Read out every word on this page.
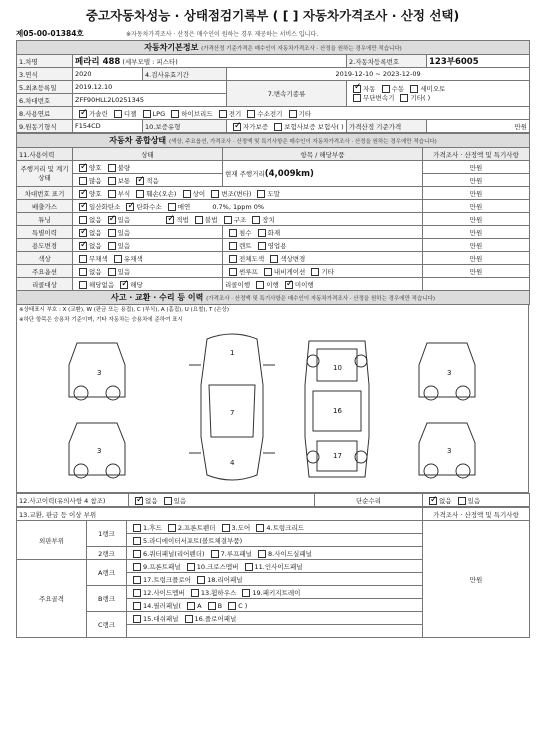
중고자동차성능 · 상태점검기록부 ( [ ] 자동차가격조사 · 산정 선택)
제05-00-01384호	※자동차가격조사 · 산정은 매수인이 원하는 경우 제공하는 서비스 입니다.
자동차기본정보 (가격산정 기준가격은 매수인이 자동차가격조사 · 산정을 원하는 경우에만 적습니다)					
1.차명	페라리 488 (세부모델 : 피스타)			2.자동차등록번호	123부6005
3.연식	2020	4.검사유효기간	2019-12-10 ~ 2023-12-09		
5.최초등록일	2019.12.10		7.변속기종류	✓자동 수동 세미오토
무단변속기 기타( )
6.차대번호	ZFF90HLL2L0251345				
8.사용연료	✓가솔린 디젤 LPG 하이브리드 전기 수소전기 기타
9.원동기형식	F154CD	10.보증유형	✓자가보증 보험사보증 보험사( )	가격산정 기준가격	만원
자동차 종합상태 (색상, 주요옵션, 가격조사 · 산정액 및 특기사항은 매수인이 자동차가격조사 · 산정을 원하는 경우에만 적습니다)			
11.사용이력	상태	항목 / 해당부품	가격조사 · 산정액 및 특기사항
주행거리 및 계기상태	✓양호 불량	현재 주행거리(4,009km)	만원
	많음 보통 ✓ 적음		만원
차대번호 표기	✓양호 부식 훼손(오손) 상이 변조(변타) 도말		만원
배출가스	✓일산화탄소 ✓ 탄화수소 매연 0.7%, 1ppm 0%		만원
튜닝	없음 ✓ 있음 ✓ 적법 불법 구조 장치		만원
특별이력	✓없음 있음	침수 화재	만원
용도변경	✓없음 있음	렌트 영업용	만원
색상	무채색 유채색	전체도색 색상변경	만원
주요옵션	없음 있음	썬루프 내비게이션 기타	만원
리콜대상	해당없음 ✓ 해당	리콜이행 이행 ✓ 미이행	
사고 · 교환 · 수리 등 이력 (가격조사 · 산정액 및 특기사항은 매수인이 자동차가격조사 · 산정을 원하는 경우에만 적습니다)			
※상태표시 부호 : X (교환), W (판금 또는 용접), C (부식), A (흠집), U (요철), T (손상)
※하단 항목은 승용차 기준이며, 기타 자동차는 승용차에 준하여 표시
3
3
1
7
4
10
16
17
3
3
12.사고이력(유의사항 4 참조)	✓없음 있음	단순수리	✓없음 있음
13.교환, 판금 등 이상 부위			가격조사 · 산정액 및 특기사항
외판부위	1랭크	1.후드 2.프론트펜더 3.도어 4.트렁크리드	만원
		5.라디에이터서포트(볼트체결부품)	
	2랭크	6.쿼터패널(리어펜더) 7.루프패널 8.사이드실패널	
주요골격	A랭크	9.프론트패널 10.크로스멤버 11.인사이드패널	
		17.트렁크플로어 18.리어패널	
	B랭크	12.사이드멤버 13.휠하우스 19.패키지트레이	
		14.필러패널( A B C )	
	C랭크	15.대쉬패널 16.플로어패널	
